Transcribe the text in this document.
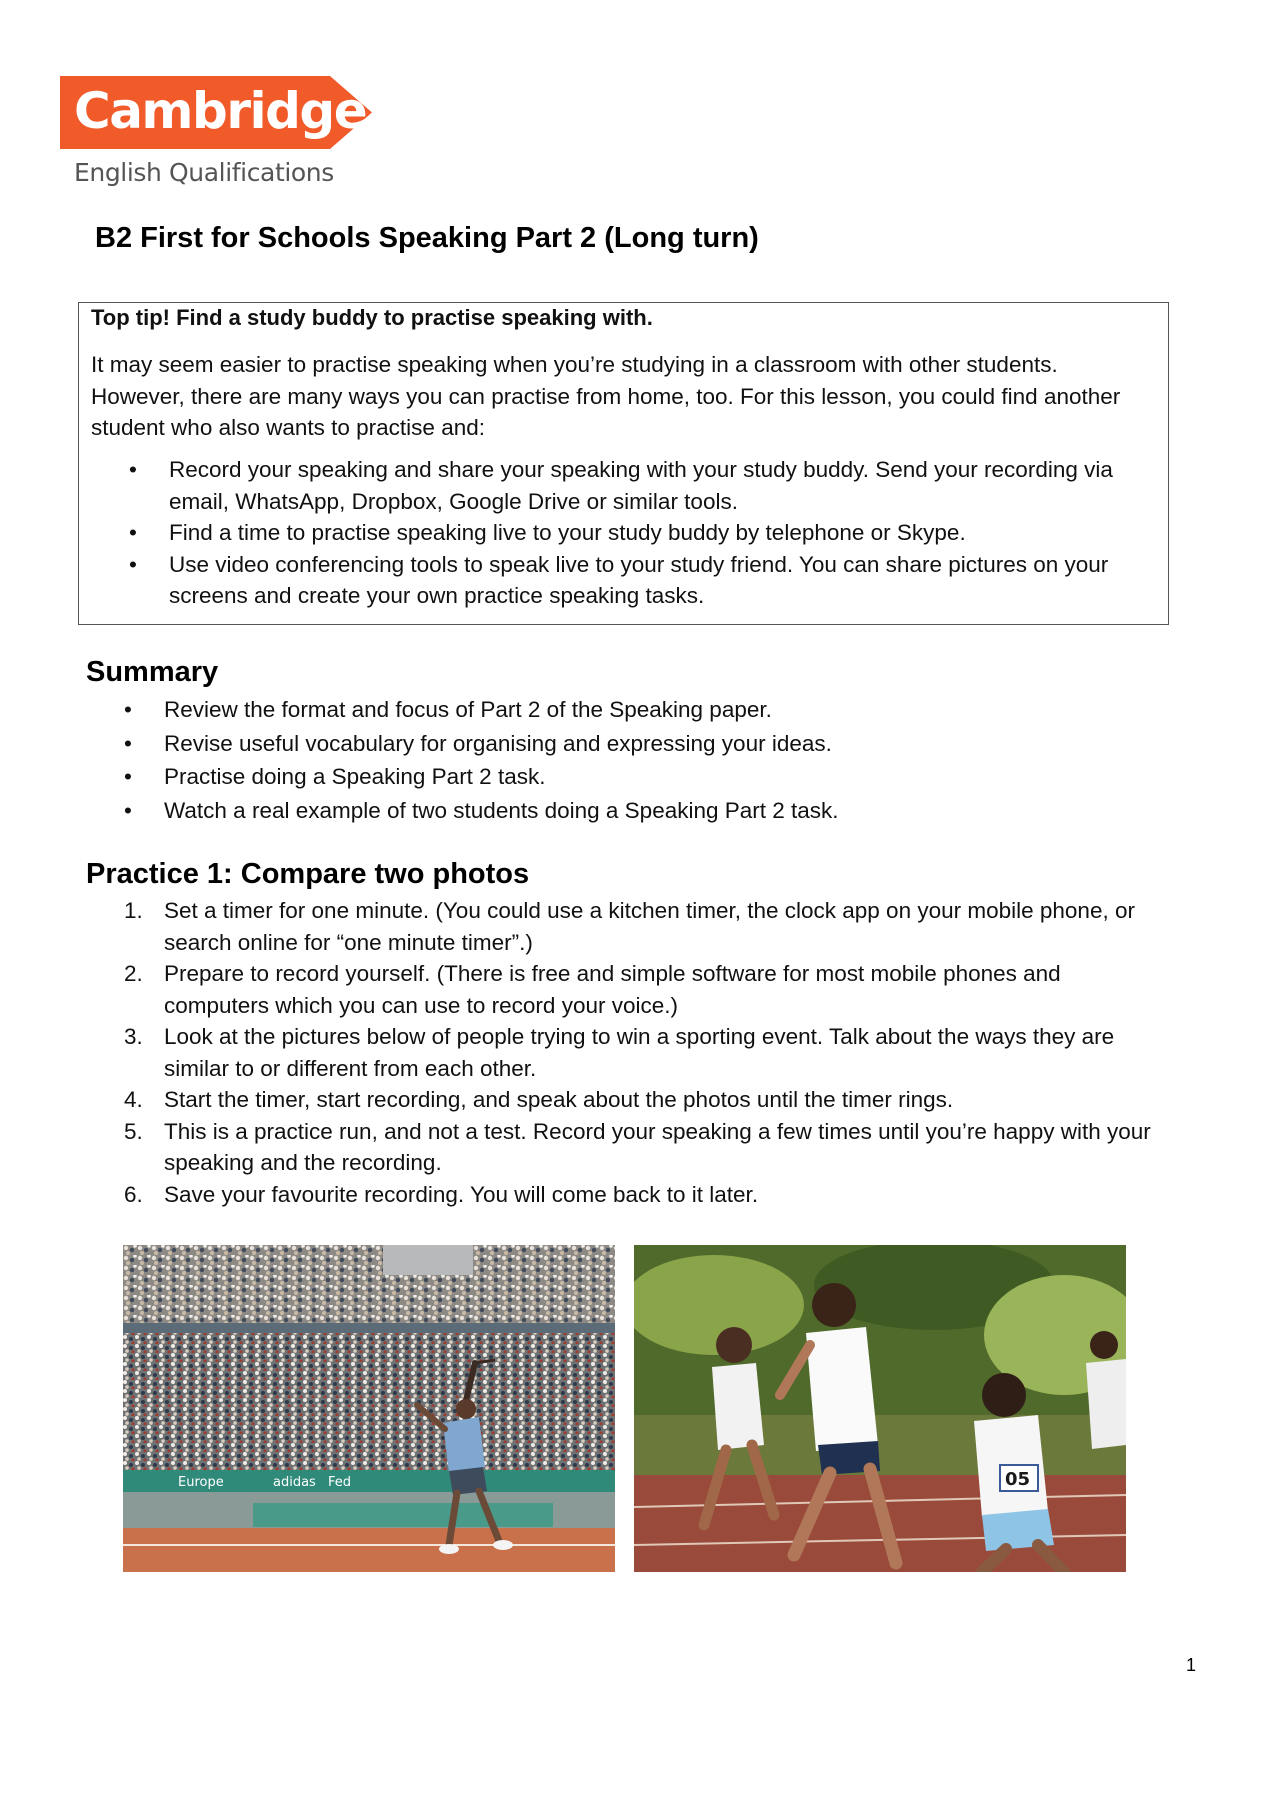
Cambridge
English Qualifications
B2 First for Schools Speaking Part 2 (Long turn)
Top tip! Find a study buddy to practise speaking with.
It may seem easier to practise speaking when you’re studying in a classroom with other students. However, there are many ways you can practise from home, too. For this lesson, you could find another student who also wants to practise and:
• Record your speaking and share your speaking with your study buddy. Send your recording via email, WhatsApp, Dropbox, Google Drive or similar tools.
• Find a time to practise speaking live to your study buddy by telephone or Skype.
• Use video conferencing tools to speak live to your study friend. You can share pictures on your screens and create your own practice speaking tasks.
Summary
• Review the format and focus of Part 2 of the Speaking paper.
• Revise useful vocabulary for organising and expressing your ideas.
• Practise doing a Speaking Part 2 task.
• Watch a real example of two students doing a Speaking Part 2 task.
Practice 1: Compare two photos
1. Set a timer for one minute. (You could use a kitchen timer, the clock app on your mobile phone, or search online for “one minute timer”.)
2. Prepare to record yourself. (There is free and simple software for most mobile phones and computers which you can use to record your voice.)
3. Look at the pictures below of people trying to win a sporting event. Talk about the ways they are similar to or different from each other.
4. Start the timer, start recording, and speak about the photos until the timer rings.
5. This is a practice run, and not a test. Record your speaking a few times until you’re happy with your speaking and the recording.
6. Save your favourite recording. You will come back to it later.
Europe	adidas Fed	05
1
